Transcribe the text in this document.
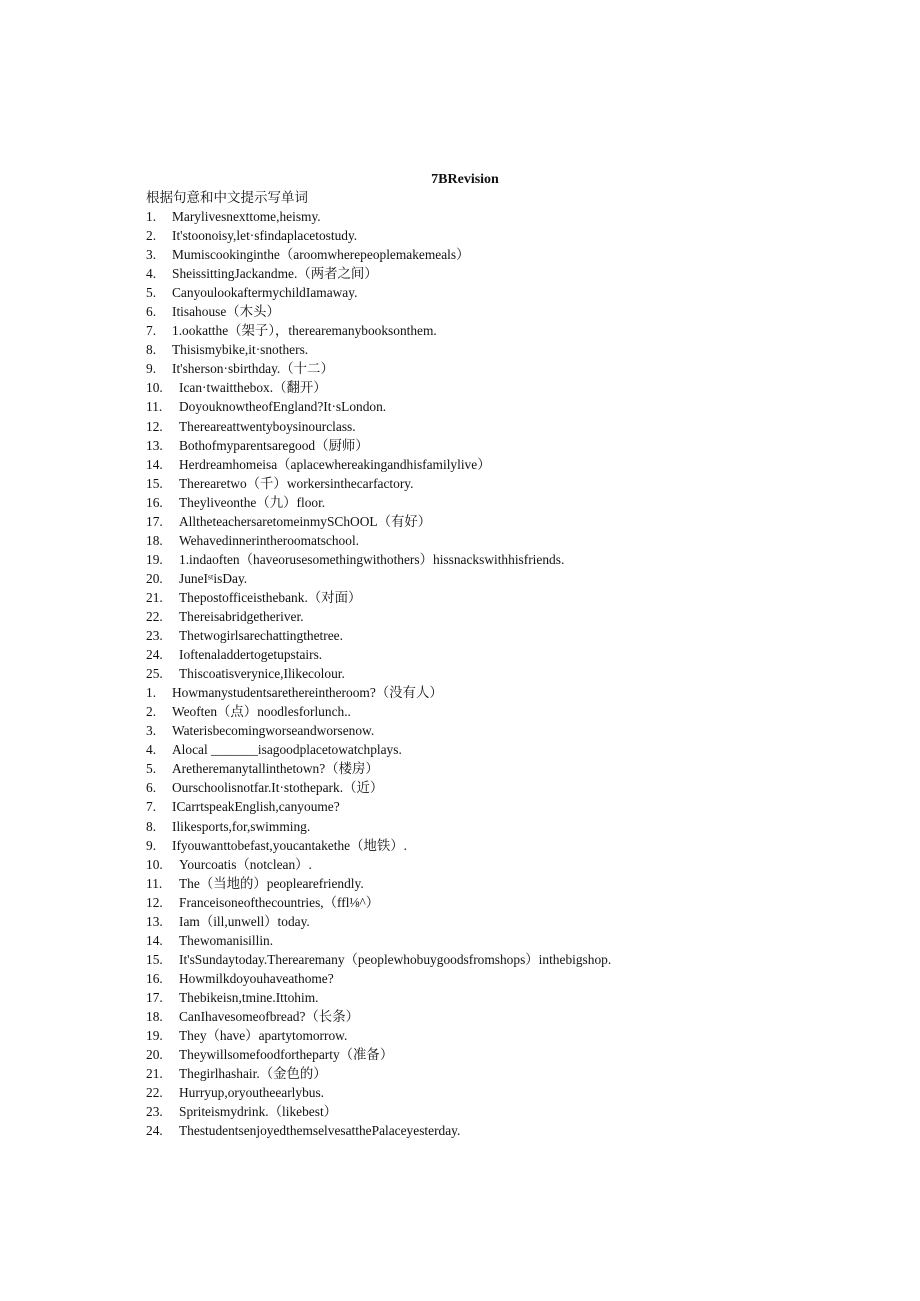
7BRevision
根据句意和中文提示写单词
1.	Marylivesnexttome,heismy.
2.	It'stoonoisy,let·sfindaplacetostudy.
3.	Mumiscookinginthe（aroomwherepeoplemakemeals）
4.	SheissittingJackandme.（两者之间）
5.	CanyoulookaftermychildIamaway.
6.	Itisahouse（木头）
7.	1.ookatthe（架子），therearemanybooksonthem.
8.	Thisismybike,it·snothers.
9.	It'sherson·sbirthday.（十二）
10.	Ican·twaitthebox.（翻开）
11.	DoyouknowtheofEngland?It·sLondon.
12.	Thereareattwentyboysinourclass.
13.	Bothofmyparentsaregood（厨师）
14.	Herdreamhomeisa（aplacewhereakingandhisfamilylive）
15.	Therearetwo（千）workersinthecarfactory.
16.	Theyliveonthe（九）floor.
17.	AlltheteachersaretomeinmySChOOL（有好）
18.	Wehavedinnerintheroomatschool.
19.	1.indaoften（haveorusesomethingwithothers）hissnackswithhisfriends.
20.	JuneIˢᵗisDay.
21.	Thepostofficeisthebank.（对面）
22.	Thereisabridgetheriver.
23.	Thetwogirlsarechattingthetree.
24.	Ioftenaladdertogetupstairs.
25.	Thiscoatisverynice,Ilikecolour.
1.	Howmanystudentsarethereintheroom?（没有人）
2.	Weoften（点）noodlesforlunch..
3.	Waterisbecomingworseandworsenow.
4.	Alocal _______isagoodplacetowatchplays.
5.	Aretheremanytallinthetown?（楼房）
6.	Ourschoolisnotfar.It·stothepark.（近）
7.	ICarrtspeakEnglish,canyoume?
8.	Ilikesports,for,swimming.
9.	Ifyouwanttobefast,youcantakethe（地铁）.
10.	Yourcoatis（notclean）.
11.	The（当地的）peoplearefriendly.
12.	Franceisoneofthecountries,（ffl⅛^）
13.	Iam（ill,unwell）today.
14.	Thewomanisillin.
15.	It'sSundaytoday.Therearemany（peoplewhobuygoodsfromshops）inthebigshop.
16.	Howmilkdoyouhaveathome?
17.	Thebikeisn,tmine.Ittohim.
18.	CanIhavesomeofbread?（长条）
19.	They（have）apartytomorrow.
20.	Theywillsomefoodfortheparty（准备）
21.	Thegirlhashair.（金色的）
22.	Hurryup,oryoutheearlybus.
23.	Spriteismydrink.（likebest）
24.	ThestudentsenjoyedthemselvesatthePalaceyesterday.
